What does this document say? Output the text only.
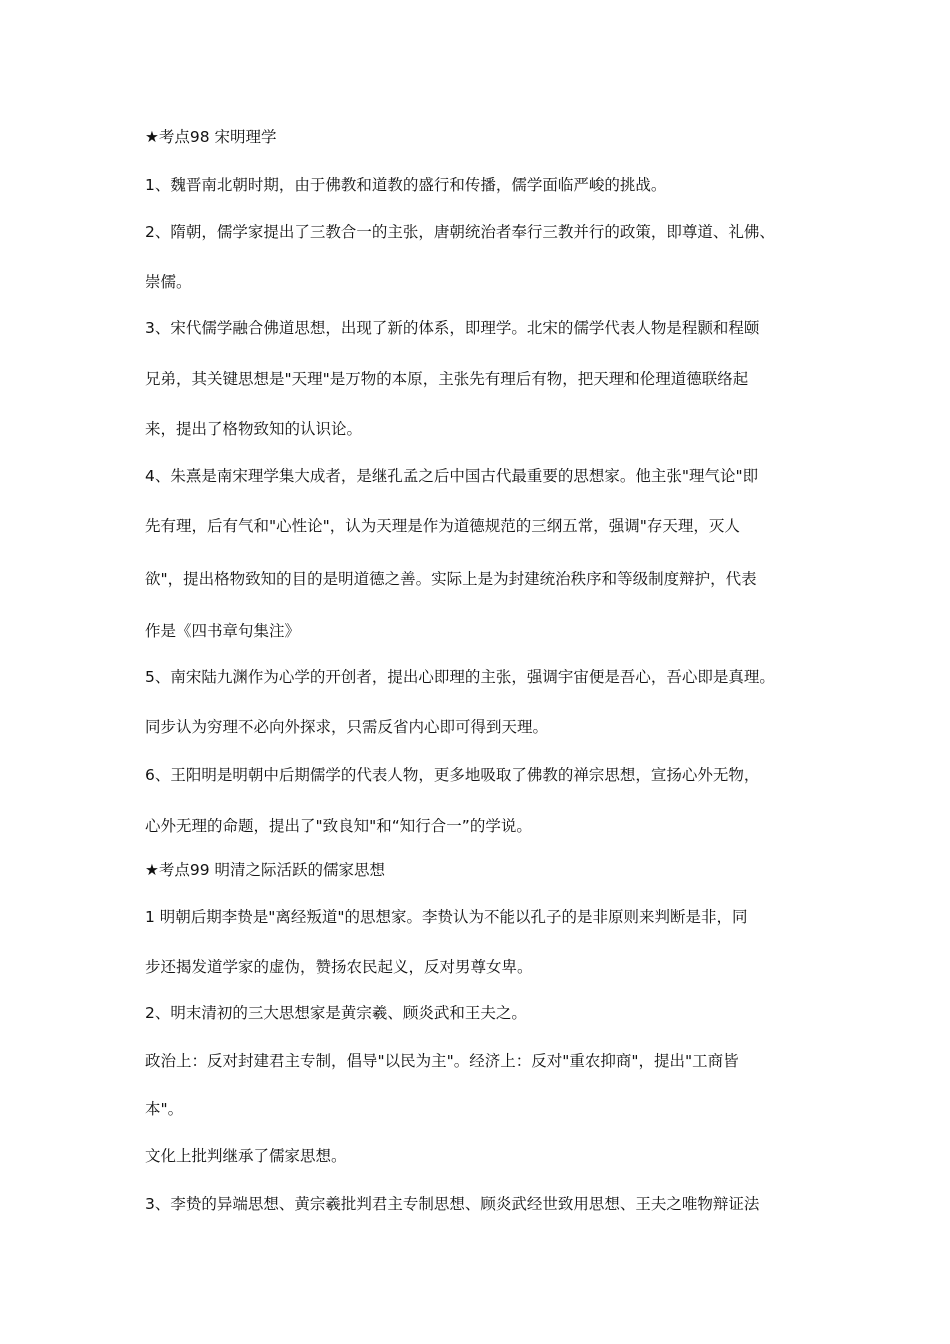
★考点98 宋明理学
1、魏晋南北朝时期，由于佛教和道教的盛行和传播，儒学面临严峻的挑战。
2、隋朝，儒学家提出了三教合一的主张，唐朝统治者奉行三教并行的政策，即尊道、礼佛、
崇儒。
3、宋代儒学融合佛道思想，出现了新的体系，即理学。北宋的儒学代表人物是程颢和程颐
兄弟，其关键思想是"天理"是万物的本原，主张先有理后有物，把天理和伦理道德联络起
来，提出了格物致知的认识论。
4、朱熹是南宋理学集大成者，是继孔孟之后中国古代最重要的思想家。他主张"理气论"即
先有理，后有气和"心性论"，认为天理是作为道德规范的三纲五常，强调"存天理，灭人
欲"，提出格物致知的目的是明道德之善。实际上是为封建统治秩序和等级制度辩护，代表
作是《四书章句集注》
5、南宋陆九渊作为心学的开创者，提出心即理的主张，强调宇宙便是吾心，吾心即是真理。
同步认为穷理不必向外探求，只需反省内心即可得到天理。
6、王阳明是明朝中后期儒学的代表人物，更多地吸取了佛教的禅宗思想，宣扬心外无物，
心外无理的命题，提出了"致良知"和“知行合一”的学说。
★考点99 明清之际活跃的儒家思想
1 明朝后期李贽是"离经叛道"的思想家。李贽认为不能以孔子的是非原则来判断是非，同
步还揭发道学家的虚伪，赞扬农民起义，反对男尊女卑。
2、明末清初的三大思想家是黄宗羲、顾炎武和王夫之。
政治上：反对封建君主专制，倡导"以民为主"。经济上：反对"重农抑商"，提出"工商皆
本"。
文化上批判继承了儒家思想。
3、李贽的异端思想、黄宗羲批判君主专制思想、顾炎武经世致用思想、王夫之唯物辩证法
